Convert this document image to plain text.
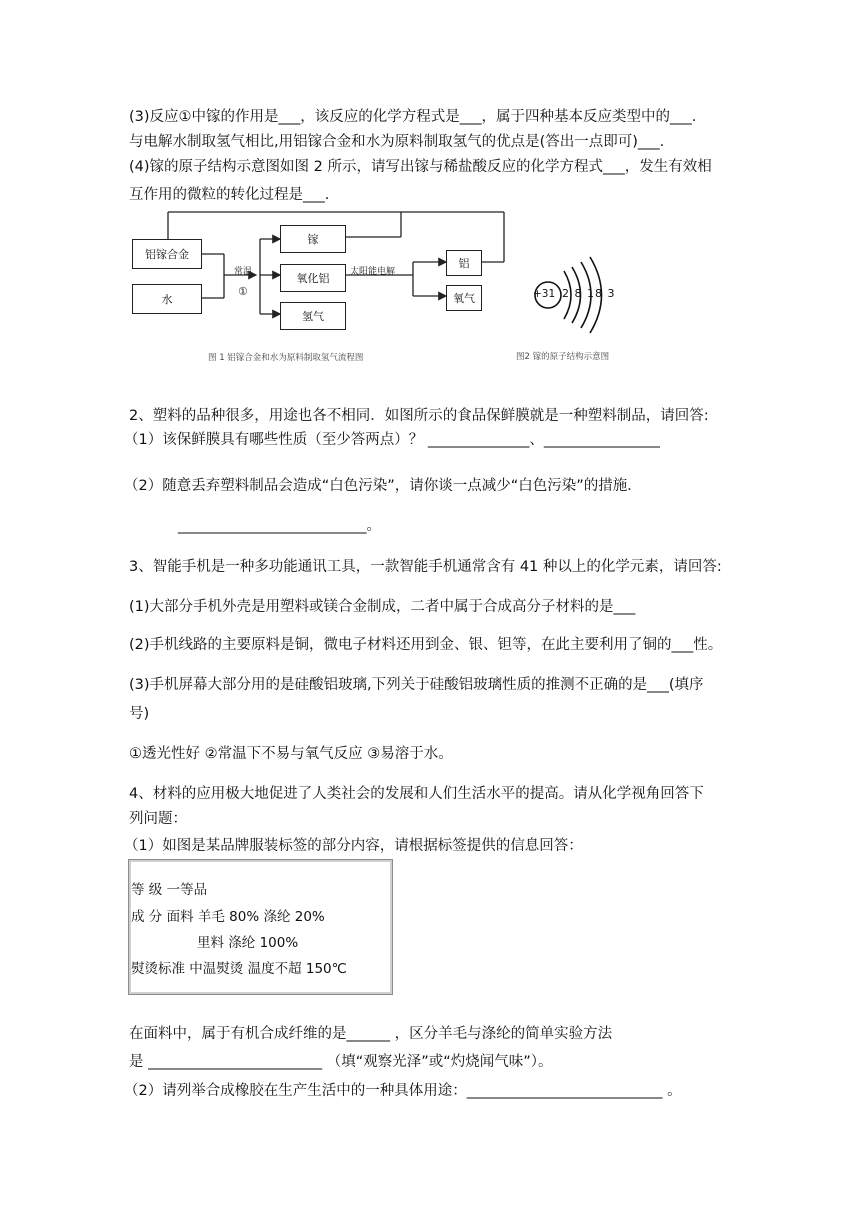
(3)反应①中镓的作用是___，该反应的化学方程式是___，属于四种基本反应类型中的___.
与电解水制取氢气相比,用铝镓合金和水为原料制取氢气的优点是(答出一点即可)___.
(4)镓的原子结构示意图如图 2 所示，请写出镓与稀盐酸反应的化学方程式___，发生有效相
互作用的微粒的转化过程是___.
铝镓合金
水
镓
氧化铝
氢气
铝
氧气
常温
①
太阳能电解
+31 2 8 18 3
图 1 铝镓合金和水为原料制取氢气流程图	图2 镓的原子结构示意图
2、塑料的品种很多，用途也各不相同．如图所示的食品保鲜膜就是一种塑料制品，请回答:
（1）该保鲜膜具有哪些性质（至少答两点）？ ______________、________________
（2）随意丢弃塑料制品会造成“白色污染”，请你谈一点减少“白色污染”的措施．
__________________________。
3、智能手机是一种多功能通讯工具，一款智能手机通常含有 41 种以上的化学元素，请回答:
(1)大部分手机外壳是用塑料或镁合金制成，二者中属于合成高分子材料的是___
(2)手机线路的主要原料是铜，微电子材料还用到金、银、钽等，在此主要利用了铜的___性。
(3)手机屏幕大部分用的是硅酸铝玻璃,下列关于硅酸铝玻璃性质的推测不正确的是___(填序
号)
①透光性好 ②常温下不易与氧气反应 ③易溶于水。
4、材料的应用极大地促进了人类社会的发展和人们生活水平的提高。请从化学视角回答下
列问题：
（1）如图是某品牌服装标签的部分内容，请根据标签提供的信息回答：
等 级 一等品
成 分 面料 羊毛 80% 涤纶 20%
里料 涤纶 100%
熨烫标准 中温熨烫 温度不超 150℃
在面料中，属于有机合成纤维的是______ ，区分羊毛与涤纶的简单实验方法
是 ________________________ （填“观察光泽”或“灼烧闻气味”）。
（2）请列举合成橡胶在生产生活中的一种具体用途：___________________________ 。
